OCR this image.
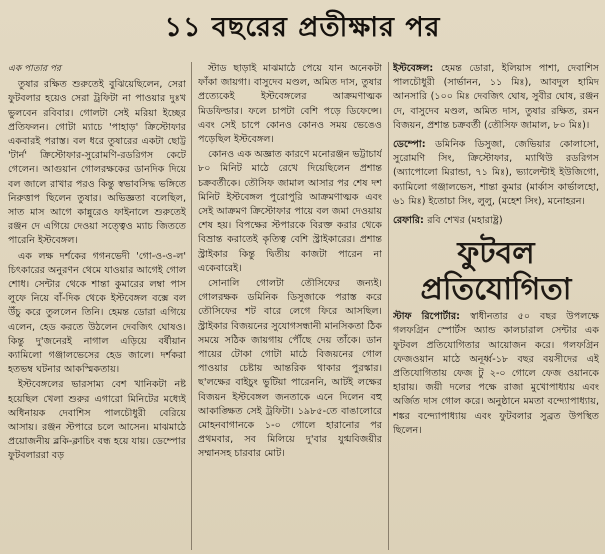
১১ বছরের প্রতীক্ষার পর

এক পাতার পর

তুষার রক্ষিত শুরুতেই বুঝিয়েছিলেন, সেরা ফুটবলার হয়েও সেরা ট্রফিটা না পাওয়ার দুঃখ ভুলবেন রবিবার। গোলটা সেই মরিয়া ইচ্ছের প্রতিফলন। গোটা ম্যাচে 'পাহাড়' ক্রিস্টোফার একবারই পরাস্ত। বল ধরে তুষারের একটা ছোট্ট 'টার্ন' ক্রিস্টোফার-সুরোমণি-রডরিগস কেটে গেলেন। আগুয়ান গোলরক্ষকের ডানদিক দিয়ে বল জালে রাখার পরও কিন্তু স্বভাবসিদ্ধ ভঙ্গিতে নিরুত্তাপ ছিলেন তুষার। অভিজ্ঞতা বলেছিল, সাত মাস আগে কান্নুরেও ফাইনালে শুরুতেই রঞ্জন দে এগিয়ে দেওয়া সত্ত্বেও ম্যাচ জিততে পারেনি ইস্টবেঙ্গল।

এক লক্ষ দর্শকের গগনভেদী 'গো-ও-ও-ল' চিৎকারের অনুরণন থেমে যাওয়ার আগেই গোল শোধ। সেন্টার থেকে শান্তা কুমারের লম্বা পাস লুফে নিয়ে বাঁ-দিক থেকে ইস্টবেঙ্গল বক্সে বল উঁচু করে তুললেন তিনি। হেমন্ত ডোরা এগিয়ে এলেন, হেড করতে উঠলেন দেবজিৎ ঘোষও। কিন্তু দু'জনেরই নাগাল এড়িয়ে বর্ষীয়ান ক্যামিলো গঞ্জালভেসের হেড জালে। দর্শকরা হতভম্ব ঘটনার আকস্মিকতায়।

ইস্টবেঙ্গলের ভারসাম্য বেশ খানিকটা নষ্ট হয়েছিল খেলা শুরুর এগারো মিনিটের মধ্যেই অধিনায়ক দেবাশিস পালচৌধুরী বেরিয়ে আসায়। রঞ্জন স্টপারে চলে আসেন। মাঝমাঠে প্রয়োজনীয় ব্লকি-ক্লাচিং বন্ধ হয়ে যায়। ডেম্পোর ফুটবলাররা বড়

স্টাড ছাড়াই মাঝমাঠে পেয়ে যান অনেকটা ফাঁকা জায়গা। বাসুদেব মণ্ডল, অমিত দাস, তুষার প্রত্যেকেই ইস্টবেঙ্গলের আক্রমণাত্মক মিডফিল্ডার। ফলে চাপটা বেশি পড়ে ডিফেন্সে। এবং সেই চাপে কোনও কোনও সময় ভেঙেও পড়েছিল ইস্টবেঙ্গল।

কোনও এক অজ্ঞাত কারণে মনোরঞ্জন ভট্টাচার্য ৮০ মিনিট মাঠে রেখে দিয়েছিলেন প্রশান্ত চক্রবর্তীকে। তৌসিফ জামাল আসার পর শেষ দশ মিনিট ইস্টবেঙ্গল পুরোপুরি আক্রমণাত্মক এবং সেই আক্রমণ ক্রিস্টোফার পায়ে বল জমা দেওয়ায় শেষ হয়। বিপক্ষের স্টপারকে বিরক্ত করার থেকে বিভ্রান্ত করাতেই কৃতিত্ব বেশি স্ট্রাইকারের। প্রশান্ত স্ট্রাইকার কিন্তু দ্বিতীয় কাজটা পারেন না একেবারেই।

সোনালি গোলটা তৌসিফের জন্যই। গোলরক্ষক ডমিনিক ডিসুজাকে পরাস্ত করে তৌসিফের শট বারে লেগে ফিরে আসছিল। স্ট্রাইকার বিজয়নের সুযোগসন্ধানী মানসিকতা ঠিক সময়ে সঠিক জায়গায় পৌঁছে দেয় তাঁকে। ডান পায়ের টোকা গোটা মাঠে বিজয়নের গোল পাওয়ার চেষ্টায় আন্তরিক থাকার পুরস্কার। ছ'লক্ষের বাইচুং ভুটিয়া পারেননি, আটই লক্ষের বিজয়ন ইস্টবেঙ্গল জনতাকে এনে দিলেন বহু আকাঙ্ক্ষিত সেই ট্রফিটা। ১৯৮৫-তে বাঙালোরে মোহনবাগানকে ১-০ গোলে হারানোর পর প্রথমবার, সব মিলিয়ে দু'বার যুগ্মবিজয়ীর সম্মানসহ চারবার মোট।

ইস্টবেঙ্গল: হেমন্ত ডোরা, ইলিয়াস পাশা, দেবাশিস পালচৌধুরী (সার্ভানন, ১১ মিঃ), আবদুল হামিদ আনসারি (১০০ মিঃ দেবজিৎ ঘোষ, সুবীর ঘোষ, রঞ্জন দে, বাসুদেব মণ্ডল, অমিত দাস, তুষার রক্ষিত, রমন বিজয়ন, প্রশান্ত চক্রবর্তী (তৌসিফ জামাল, ৮০ মিঃ)।

ডেম্পো: ডমিনিক ডিসুজা, জেভিয়ার কোলাসো, সুরোমণি সিং, ক্রিস্টোফার, ম্যাথিউ রডরিগস (অ্যাপোলো মিরান্ডা, ৭১ মিঃ), ভ্যালেন্টাই ইউজিগো, ক্যামিলো গঞ্জালভেস, শান্তা কুমার (মার্কাস কার্ভালহো, ৬১ মিঃ) ইতোচা সিং, লুলু, (মহেশ সিং), মনোহরন।

রেফারি: রবি শেখর (মহারাষ্ট্র)

ফুটবল
প্রতিযোগিতা

স্টাফ রিপোর্টার: স্বাধীনতার ৫০ বছর উপলক্ষে গলফগ্রিন স্পোর্টস অ্যান্ড কালচারাল সেন্টার এক ফুটবল প্রতিযোগিতার আয়োজন করে। গলফগ্রিন ফেজওয়ান মাঠে অনূর্ধ্ব-১৮ বছর বয়সীদের এই প্রতিযোগিতায় ফেজ টু ২-০ গোলে ফেজ ওয়ানকে হারায়। জয়ী দলের পক্ষে রাজা মুখোপাধ্যায় এবং অর্জিত দাস গোল করে। অনুষ্ঠানে মমতা বন্দ্যোপাধ্যায়, শঙ্কর বন্দ্যোপাধ্যায় এবং ফুটবলার সুব্রত উপস্থিত ছিলেন।
